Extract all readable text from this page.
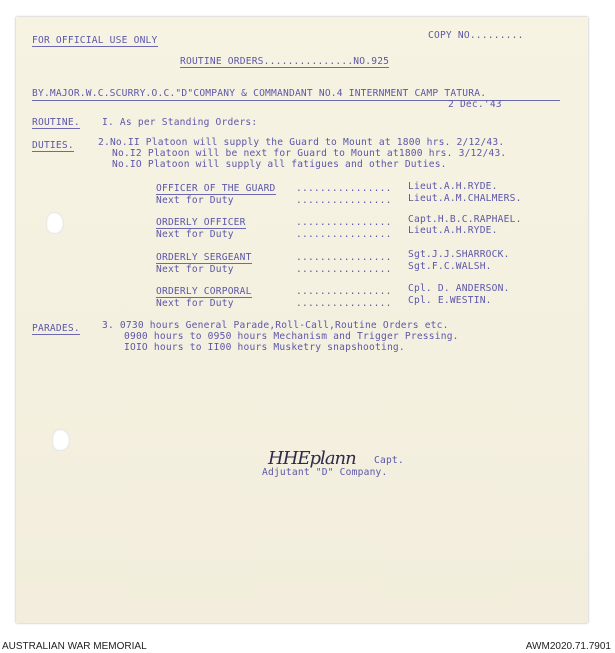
FOR OFFICIAL USE ONLY	COPY NO.........
ROUTINE ORDERS...............NO.925
BY.MAJOR.W.C.SCURRY.O.C."D"COMPANY & COMMANDANT NO.4 INTERNMENT CAMP TATURA.
2 Dec.'43
ROUTINE. I. As per Standing Orders:
DUTIES.	2.No.II Platoon will supply the Guard to Mount at 1800 hrs. 2/12/43.
No.I2 Platoon will be next for Guard to Mount at1800 hrs. 3/12/43.
No.IO Platoon will supply all fatigues and other Duties.
OFFICER OF THE GUARD ................ Lieut.A.H.RYDE.
Next for Duty	................ Lieut.A.M.CHALMERS.
ORDERLY OFFICER	................ Capt.H.B.C.RAPHAEL.
Next for Duty	................ Lieut.A.H.RYDE.
ORDERLY SERGEANT	................ Sgt.J.J.SHARROCK.
Next for Duty	................ Sgt.F.C.WALSH.
ORDERLY CORPORAL	................ Cpl. D. ANDERSON.
Next for Duty	................ Cpl. E.WESTIN.
PARADES. 3. 0730 hours General Parade,Roll-Call,Routine Orders etc.
0900 hours to 0950 hours Mechanism and Trigger Pressing.
IOIO hours to II00 hours Musketry snapshooting.
HHEplann Capt.
Adjutant "D" Company.
AUSTRALIAN WAR MEMORIAL	AWM2020.71.7901
